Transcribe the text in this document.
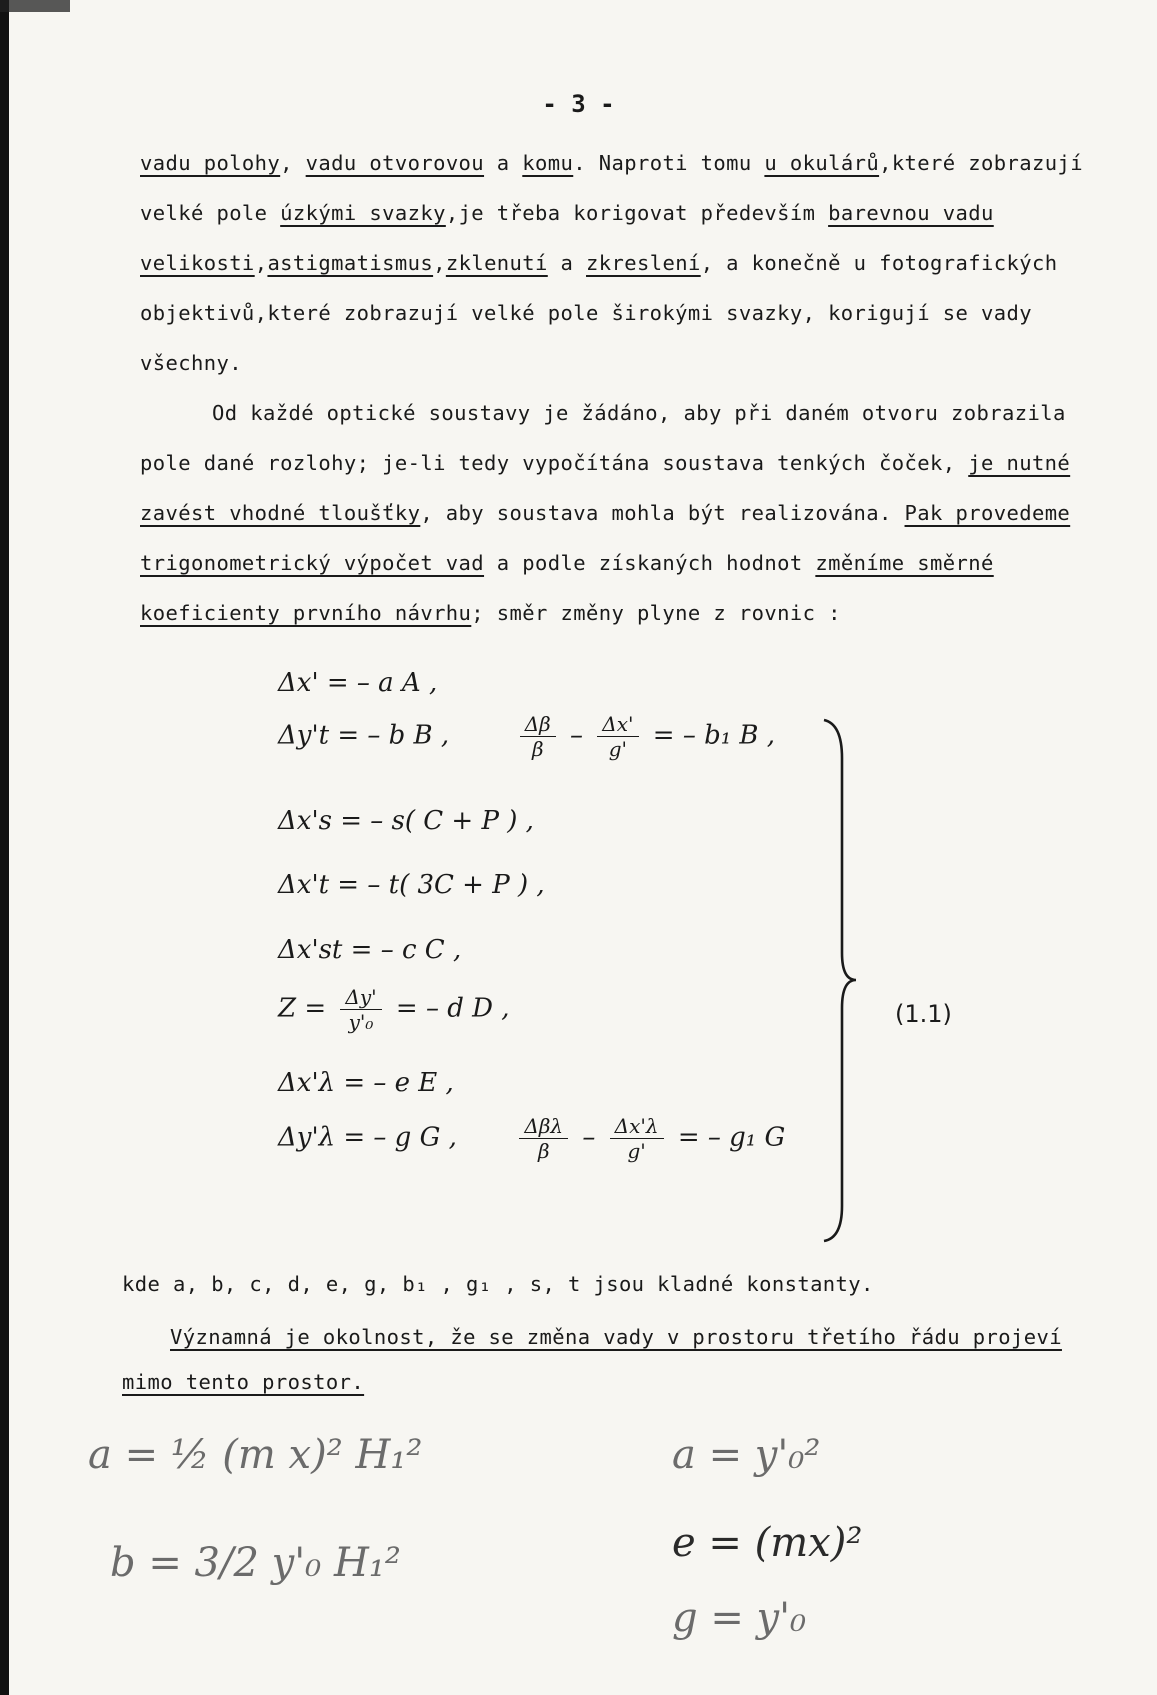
- 3 -

vadu polohy, vadu otvorovou a komu. Naproti tomu u okulárů,které zobrazují velké pole úzkými svazky,je třeba korigovat především barevnou vadu velikosti,astigmatismus,zklenutí a zkreslení, a konečně u fotografických objektivů,které zobrazují velké pole širokými svazky, korigují se vady všechny.

Od každé optické soustavy je žádáno, aby při daném otvoru zobrazila pole dané rozlohy; je-li tedy vypočítána soustava tenkých čoček, je nutné zavést vhodné tloušťky, aby soustava mohla být realizována. Pak provedeme trigonometrický výpočet vad a podle získaných hodnot změníme směrné koeficienty prvního návrhu; směr změny plyne z rovnic :

Δx' = – a A ,
Δy't = – b B ,	$\frac{\Delta\beta}{\beta} - \frac{\Delta x'}{g'}$ = – b₁ B ,
Δx's = – s( C + P ) ,
Δx't = – t( 3C + P ) ,
Δx'st = – c C ,
$Z = \frac{\Delta y'}{\text{y'₀}}$ = – d D ,
Δx'λ = – e E ,
Δy'λ = – g G ,	$\frac{\text{Δβλ}}{\beta} - \frac{\Delta x'\lambda}{g'}$ = – g₁ G
(1.1)
kde a, b, c, d, e, g, b₁ , g₁ , s, t jsou kladné konstanty.

Významná je okolnost, že se změna vady v prostoru třetího řádu projeví mimo tento prostor.

a = ½ (m x)² H₁²
b = 3/2 y'₀ H₁²
a = y'₀²
e = (mx)²
g = y'₀
